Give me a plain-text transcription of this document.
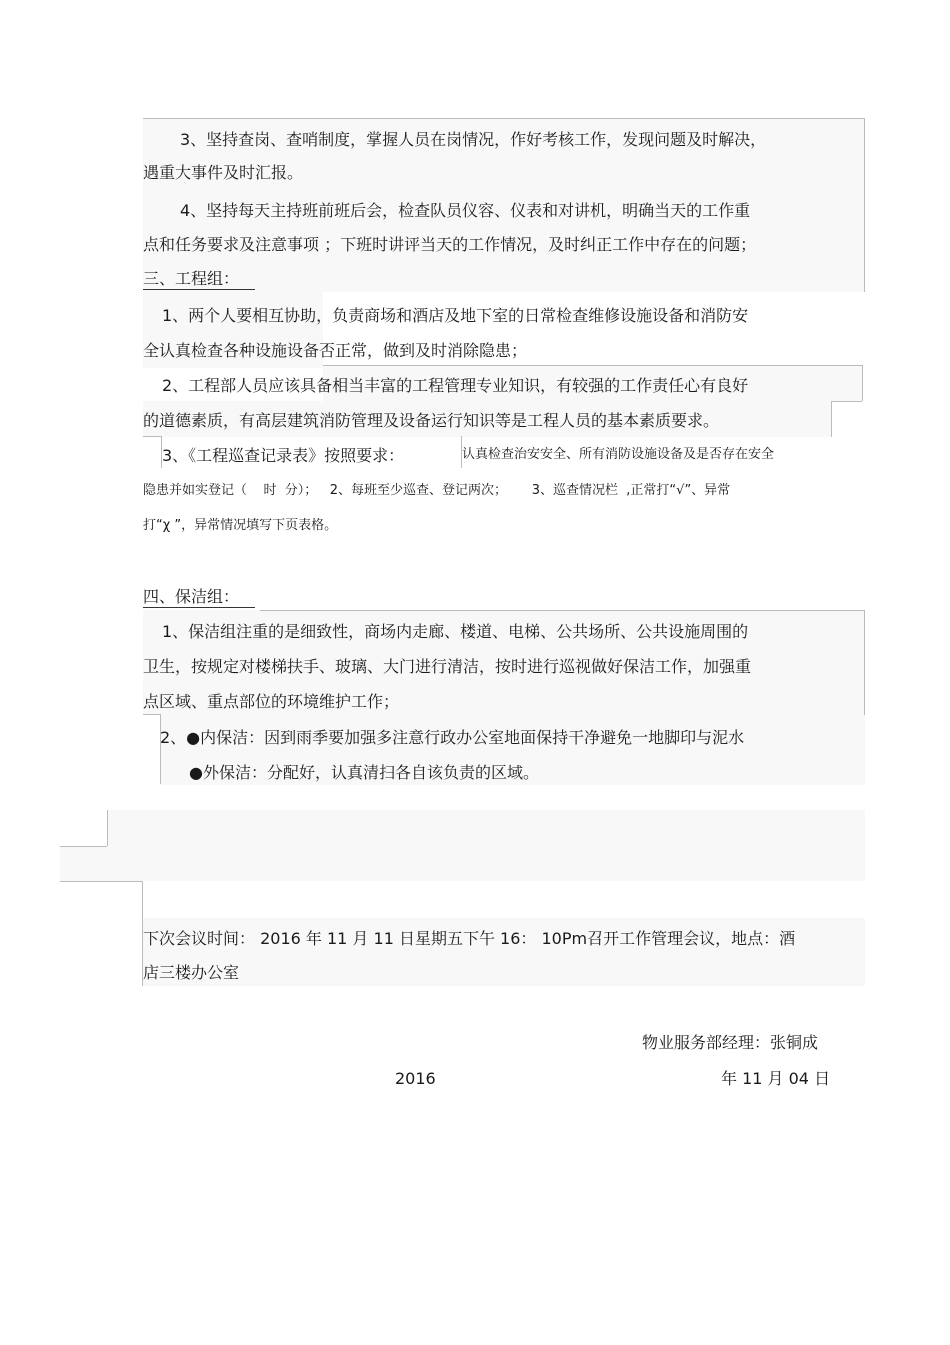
3、坚持查岗、查哨制度，掌握人员在岗情况，作好考核工作，发现问题及时解决，
遇重大事件及时汇报。
4、坚持每天主持班前班后会，检查队员仪容、仪表和对讲机，明确当天的工作重
点和任务要求及注意事项 ；下班时讲评当天的工作情况，及时纠正工作中存在的问题；
三、工程组：
1、两个人要相互协助，负责商场和酒店及地下室的日常检查维修设施设备和消防安
全认真检查各种设施设备否正常，做到及时消除隐患；
2、工程部人员应该具备相当丰富的工程管理专业知识，有较强的工作责任心有良好
的道德素质，有高层建筑消防管理及设备运行知识等是工程人员的基本素质要求。
3、《工程巡查记录表》按照要求：	认真检查治安安全、所有消防设施设备及是否存在安全
隐患并如实登记（    时  分）；   2、每班至少巡查、登记两次；      3、巡查情况栏  ,正常打“√”、异常
打“χ ”，异常情况填写下页表格。
四、保洁组：
1、保洁组注重的是细致性，商场内走廊、楼道、电梯、公共场所、公共设施周围的
卫生，按规定对楼梯扶手、玻璃、大门进行清洁，按时进行巡视做好保洁工作，加强重
点区域、重点部位的环境维护工作；
2、●内保洁：因到雨季要加强多注意行政办公室地面保持干净避免一地脚印与泥水
●外保洁：分配好，认真清扫各自该负责的区域。
下次会议时间： 2016 年 11 月 11 日星期五下午 16： 10Pm召开工作管理会议，地点：酒
店三楼办公室
物业服务部经理：张铜成
2016	年 11 月 04 日
